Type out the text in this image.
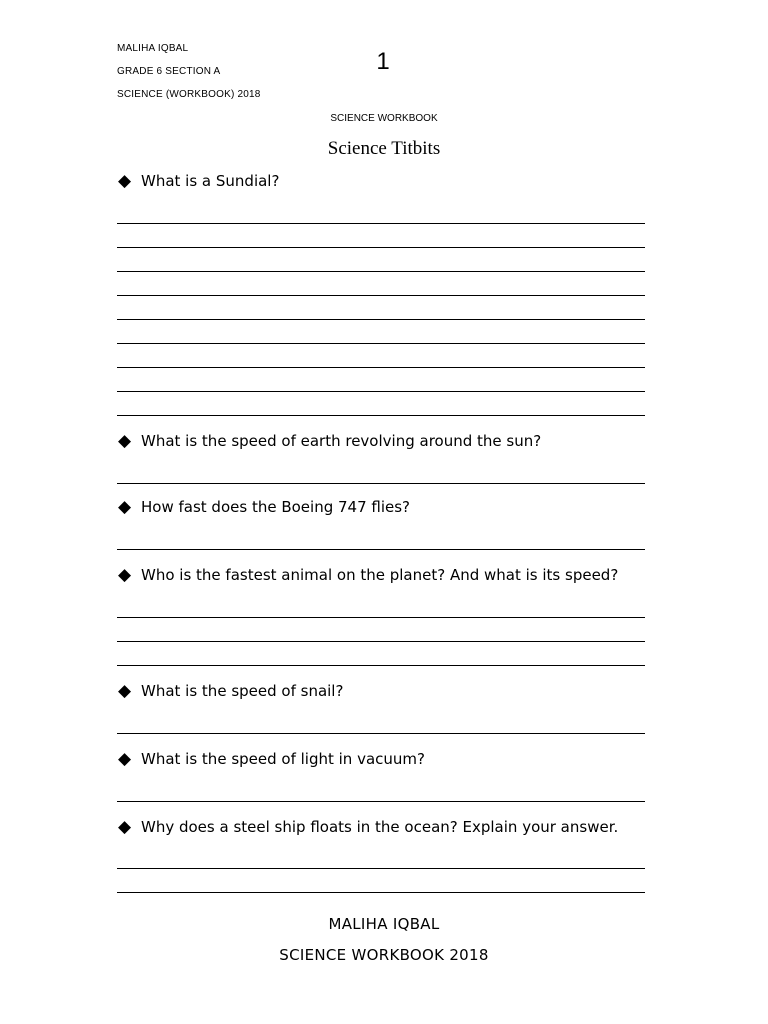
MALIHA IQBAL
GRADE 6 SECTION A
SCIENCE (WORKBOOK) 2018
1
SCIENCE WORKBOOK
Science Titbits
◆ What is a Sundial?
◆ What is the speed of earth revolving around the sun?
◆ How fast does the Boeing 747 flies?
◆ Who is the fastest animal on the planet? And what is its speed?
◆ What is the speed of snail?
◆ What is the speed of light in vacuum?
◆ Why does a steel ship floats in the ocean? Explain your answer.
MALIHA IQBAL
SCIENCE WORKBOOK 2018
